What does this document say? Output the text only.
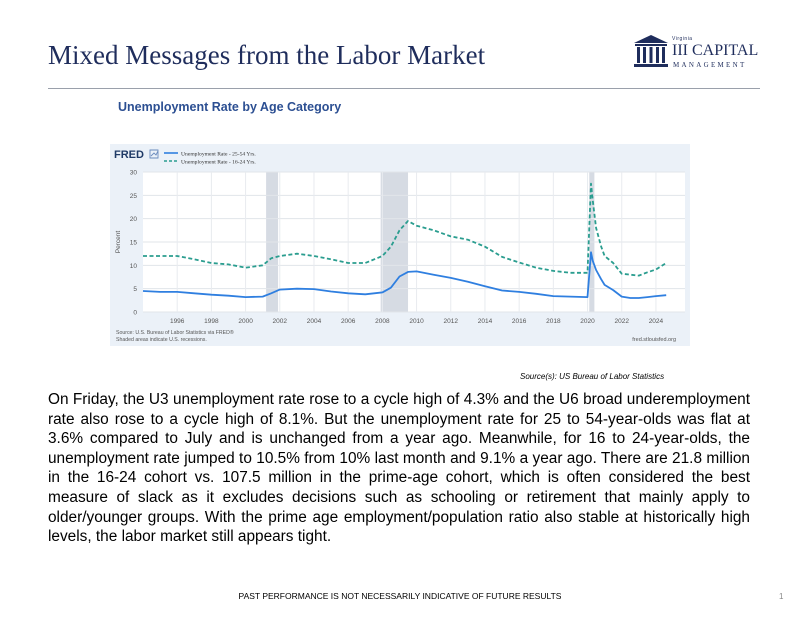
Mixed Messages from the Labor Market
Virginia
III CAPITAL
MANAGEMENT
Unemployment Rate by Age Category
0
5
10
15
20
25
30
1996	1998	2000	2002	2004	2006	2008	2010	2012	2014	2016	2018	2020	2022	2024
Percent
FRED	Unemployment Rate - 25-54 Yrs.
Unemployment Rate - 16-24 Yrs.
Source: U.S. Bureau of Labor Statistics via FRED®
Shaded areas indicate U.S. recessions.	fred.stlouisfed.org
Source(s): US Bureau of Labor Statistics
On Friday, the U3 unemployment rate rose to a cycle high of 4.3% and the U6 broad underemployment rate also rose to a cycle high of 8.1%. But the unemployment rate for 25 to 54-year-olds was flat at 3.6% compared to July and is unchanged from a year ago. Meanwhile, for 16 to 24-year-olds, the unemployment rate jumped to 10.5% from 10% last month and 9.1% a year ago. There are 21.8 million in the 16-24 cohort vs. 107.5 million in the prime-age cohort, which is often considered the best measure of slack as it excludes decisions such as schooling or retirement that mainly apply to older/younger groups. With the prime age employment/population ratio also stable at historically high levels, the labor market still appears tight.
PAST PERFORMANCE IS NOT NECESSARILY INDICATIVE OF FUTURE RESULTS	1
